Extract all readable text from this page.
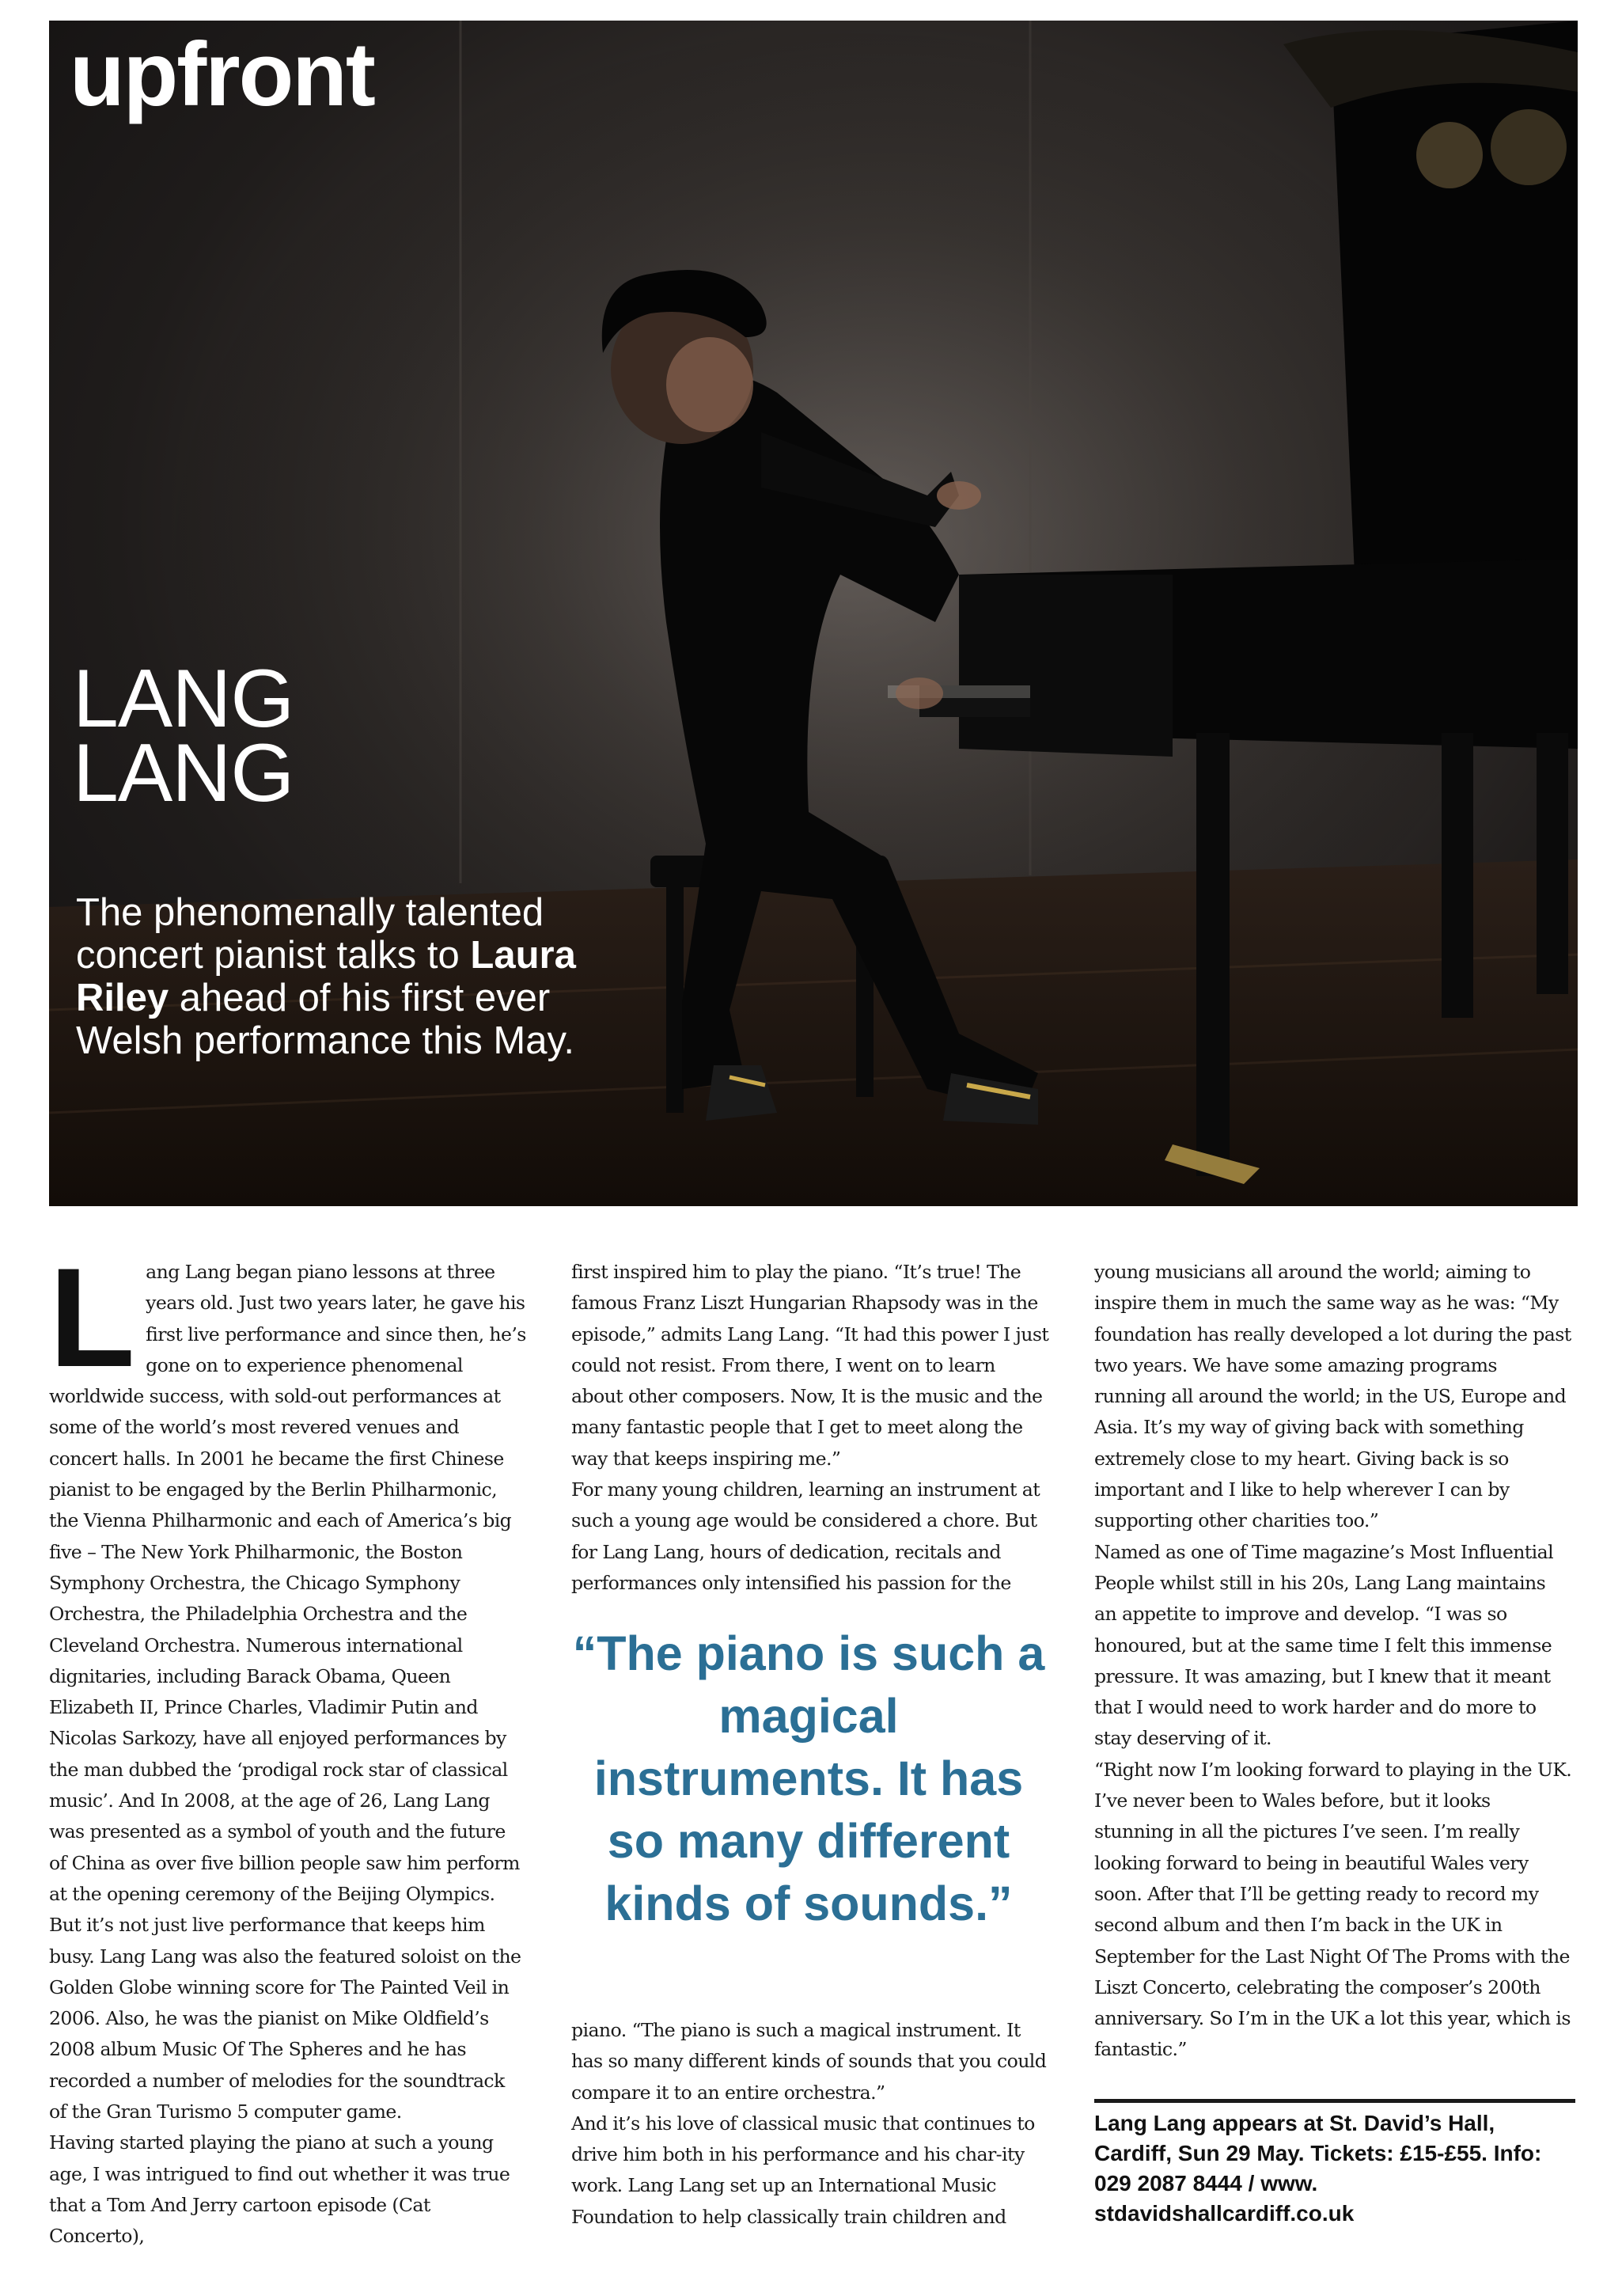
upfront
LANG
LANG
The phenomenally talented concert pianist talks to Laura Riley ahead of his first ever Welsh performance this May.
L ang Lang began piano lessons at three years old. Just two years later, he gave his first live performance and since then, he’s gone on to experience phenomenal worldwide success, with sold-out performances at some of the world’s most revered venues and concert halls. In 2001 he became the first Chinese pianist to be engaged by the Berlin Philharmonic, the Vienna Philharmonic and each of America’s big five – The New York Philharmonic, the Boston Symphony Orchestra, the Chicago Symphony Orchestra, the Philadelphia Orchestra and the Cleveland Orchestra. Numerous international dignitaries, including Barack Obama, Queen Elizabeth II, Prince Charles, Vladimir Putin and Nicolas Sarkozy, have all enjoyed performances by the man dubbed the ‘prodigal rock star of classical music’. And In 2008, at the age of 26, Lang Lang was presented as a symbol of youth and the future of China as over five billion people saw him perform at the opening ceremony of the Beijing Olympics.

But it’s not just live performance that keeps him busy. Lang Lang was also the featured soloist on the Golden Globe winning score for The Painted Veil in 2006. Also, he was the pianist on Mike Oldfield’s 2008 album Music Of The Spheres and he has recorded a number of melodies for the soundtrack of the Gran Turismo 5 computer game.

Having started playing the piano at such a young age, I was intrigued to find out whether it was true that a Tom And Jerry cartoon episode (Cat Concerto),

first inspired him to play the piano. “It’s true! The famous Franz Liszt Hungarian Rhapsody was in the episode,” admits Lang Lang. “It had this power I just could not resist. From there, I went on to learn about other composers. Now, It is the music and the many fantastic people that I get to meet along the way that keeps inspiring me.”

For many young children, learning an instrument at such a young age would be considered a chore. But for Lang Lang, hours of dedication, recitals and performances only intensified his passion for the

“The piano is such a magical instruments. It has so many different kinds of sounds.”

piano. “The piano is such a magical instrument. It has so many different kinds of sounds that you could compare it to an entire orchestra.”

And it’s his love of classical music that continues to drive him both in his performance and his char-ity work. Lang Lang set up an International Music Foundation to help classically train children and

young musicians all around the world; aiming to inspire them in much the same way as he was: “My foundation has really developed a lot during the past two years. We have some amazing programs running all around the world; in the US, Europe and Asia. It’s my way of giving back with something extremely close to my heart. Giving back is so important and I like to help wherever I can by supporting other charities too.”

Named as one of Time magazine’s Most Influential People whilst still in his 20s, Lang Lang maintains an appetite to improve and develop. “I was so honoured, but at the same time I felt this immense pressure. It was amazing, but I knew that it meant that I would need to work harder and do more to stay deserving of it.

“Right now I’m looking forward to playing in the UK. I’ve never been to Wales before, but it looks stunning in all the pictures I’ve seen. I’m really looking forward to being in beautiful Wales very soon. After that I’ll be getting ready to record my second album and then I’m back in the UK in September for the Last Night Of The Proms with the Liszt Concerto, celebrating the composer’s 200th anniversary. So I’m in the UK a lot this year, which is fantastic.”

Lang Lang appears at St. David’s Hall, Cardiff, Sun 29 May. Tickets: £15-£55. Info: 029 2087 8444 / www. stdavidshallcardiff.co.uk
